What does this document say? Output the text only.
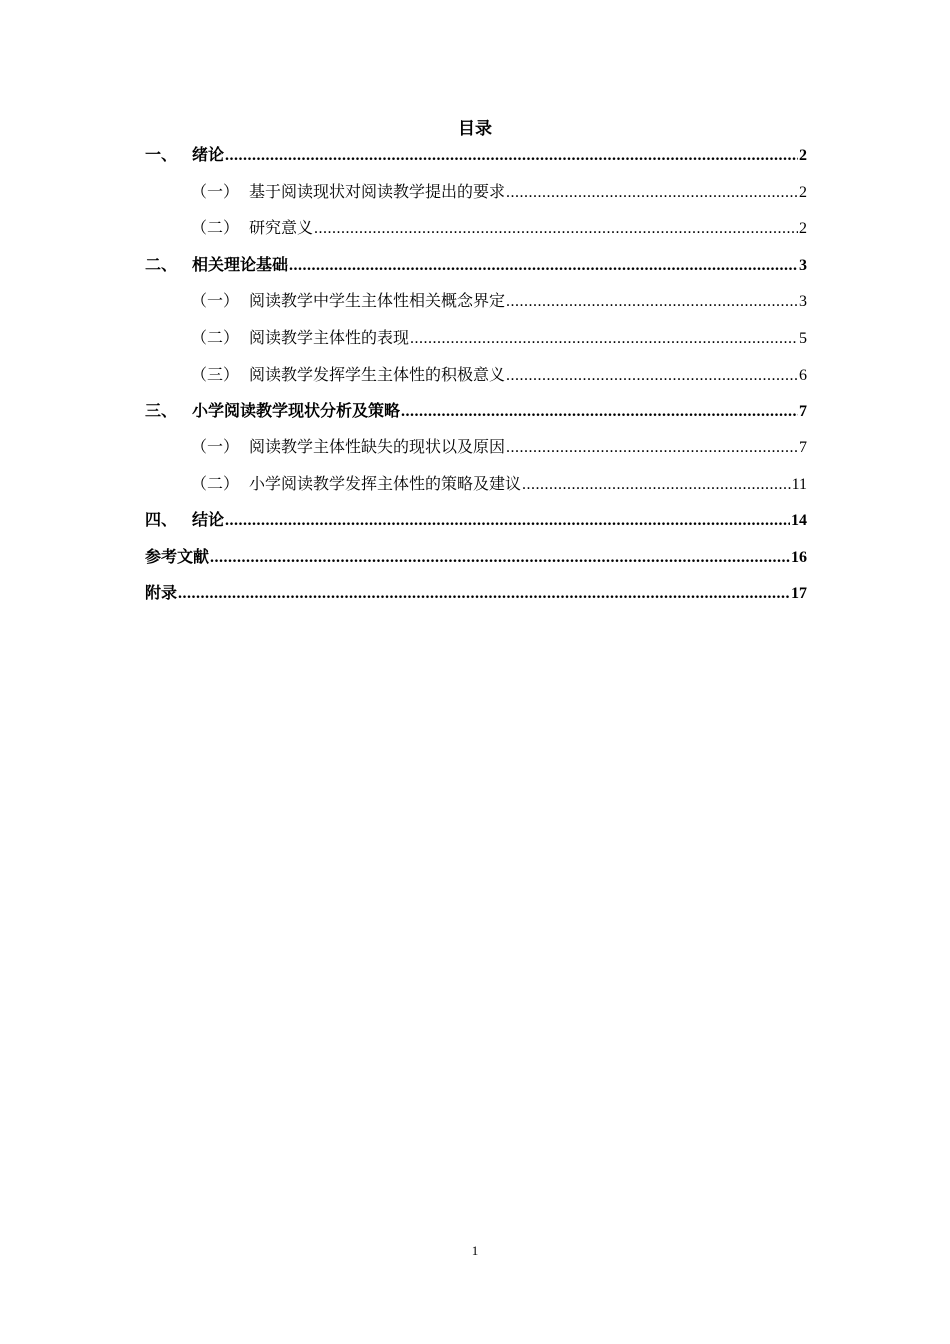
目录
一、 绪论 .....	2
（一） 基于阅读现状对阅读教学提出的要求 .....	2
（二） 研究意义 .....	2
二、 相关理论基础 .....	3
（一） 阅读教学中学生主体性相关概念界定 .....	3
（二） 阅读教学主体性的表现 .....	5
（三） 阅读教学发挥学生主体性的积极意义 .....	6
三、 小学阅读教学现状分析及策略 .....	7
（一） 阅读教学主体性缺失的现状以及原因 .....	7
（二） 小学阅读教学发挥主体性的策略及建议 .....	11
四、 结论 .....	14
参考文献 .....	16
附录 .....	17
1
